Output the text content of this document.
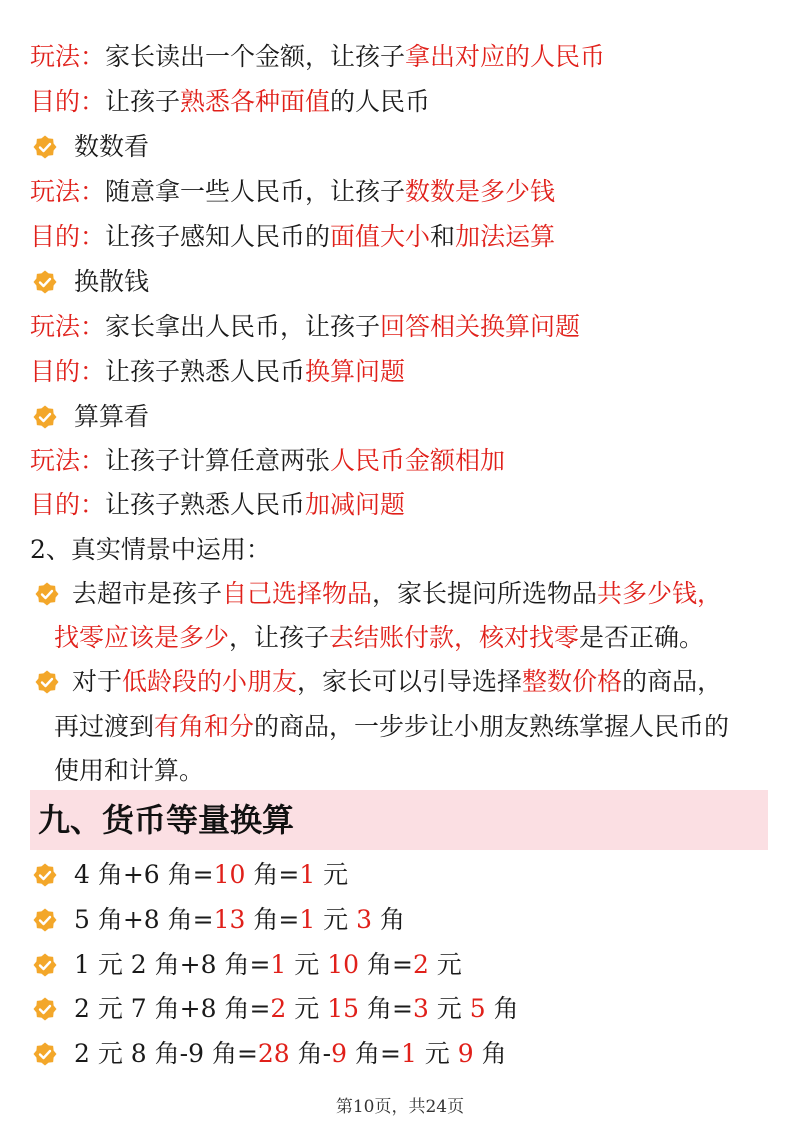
玩法：家长读出一个金额，让孩子拿出对应的人民币
目的：让孩子熟悉各种面值的人民币
数数看
玩法：随意拿一些人民币，让孩子数数是多少钱
目的：让孩子感知人民币的面值大小和加法运算
换散钱
玩法：家长拿出人民币，让孩子回答相关换算问题
目的：让孩子熟悉人民币换算问题
算算看
玩法：让孩子计算任意两张人民币金额相加
目的：让孩子熟悉人民币加减问题
2、真实情景中运用：
去超市是孩子自己选择物品，家长提问所选物品共多少钱，
找零应该是多少，让孩子去结账付款，核对找零是否正确。
对于低龄段的小朋友，家长可以引导选择整数价格的商品，
再过渡到有角和分的商品，一步步让小朋友熟练掌握人民币的
使用和计算。
九、货币等量换算
4 角+6 角=10 角=1 元
5 角+8 角=13 角=1 元 3 角
1 元 2 角+8 角=1 元 10 角=2 元
2 元 7 角+8 角=2 元 15 角=3 元 5 角
2 元 8 角-9 角=28 角-9 角=1 元 9 角
第10页，共24页
